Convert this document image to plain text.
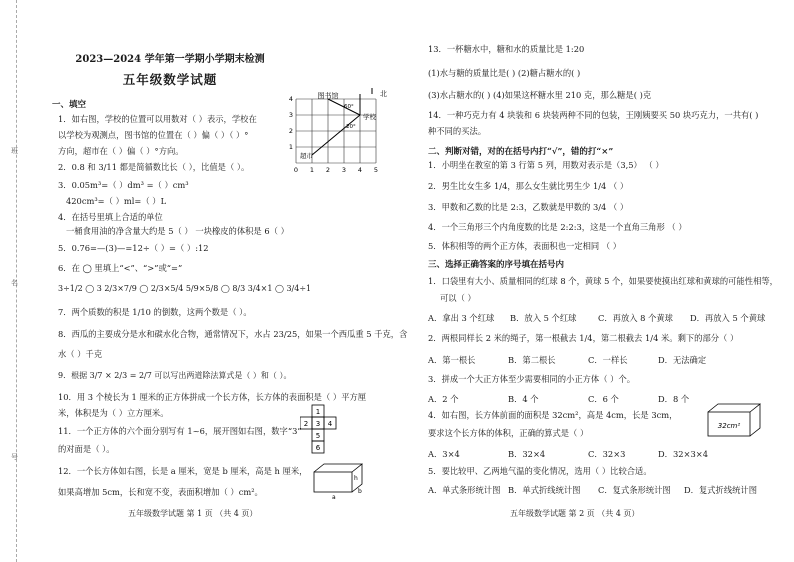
班
名
号
2023—2024 学年第一学期小学期末检测
五年级数学试题
一、填空
1．如右图，学校的位置可以用数对（ ）表示，学校在
以学校为观测点，图书馆的位置在（ ）偏（ ）（ ）°
方向，超市在（ ）偏（ ）°方向。
2．0.8 和 3/11 都是简循数比长（ ），比值是（ ）。
3．0.05m³=（ ）dm³ =（ ）cm³
420cm³=（ ）ml=（ ）L
4．在括号里填上合适的单位
一桶食用油的净含量大约是 5（ ） 一块橡皮的体积是 6（ ）
5．0.76=—(3)—=12÷（ ）=（ ）:12
6．在 ◯ 里填上“<”、“>”或“=”
3÷1/2 ◯ 3 2/3×7/9 ◯ 2/3×5/4 5/9×5/8 ◯ 8/3 3/4×1 ◯ 3/4÷1
7．两个质数的积是 1/10 的倒数，这两个数是（ ）。
8．西瓜的主要成分是水和碳水化合物，通常情况下，水占 23/25，如果一个西瓜重 5 千克，含
水（ ）千克
9．根据 3/7 × 2/3 = 2/7 可以写出两道除法算式是（ ）和（ ）。
10．用 3 个棱长为 1 厘米的正方体拼成一个长方体，长方体的表面积是（ ）平方厘
米，体积是为（ ）立方厘米。
11．一个正方体的六个面分别写有 1~6，展开图如右图，数字“3”
的对面是（ ）。
12．一个长方体如右图，长是 a 厘米，宽是 b 厘米，高是 h 厘米，
如果高增加 5cm，长和宽不变，表面积增加（ ）cm²。
五年级数学试题 第 1 页 （共 4 页）
图书馆	北
学校
超市
60°
20°
0 1 2 3 4 5
1
2
3
4
1
2 3 4
5
6
h
a
b
13．一杯糖水中，糖和水的质量比是 1:20
(1)水与糖的质量比是( ) (2)糖占糖水的( )
(3)水占糖水的( ) (4)如果这杯糖水里 210 克，那么糖是( )克
14．一种巧克力有 4 块装和 6 块装两种不同的包装，王刚姨要买 50 块巧克力，一共有( )
种不同的买法。
二、判断对错，对的在括号内打“√”，错的打“×”
1．小明坐在教室的第 3 行第 5 列，用数对表示是（3,5） （ ）
2．男生比女生多 1/4，那么女生就比男生少 1/4 （ ）
3．甲数和乙数的比是 2:3，乙数就是甲数的 3/4 （ ）
4．一个三角形三个内角度数的比是 2:2:3，这是一个直角三角形 （ ）
5．体积相等的两个正方体，表面积也一定相同 （ ）
三、选择正确答案的序号填在括号内
1．口袋里有大小、质量相同的红球 8 个，黄球 5 个，如果要使摸出红球和黄球的可能性相等，
可以（ ）
A．拿出 3 个红球 B．放入 5 个红球	C．再放入 8 个黄球 D．再放入 5 个黄球
2．两根同样长 2 米的绳子，第一根截去 1/4，第二根截去 1/4 米。剩下的部分（ ）
A．第一根长	B．第二根长	C．一样长	D．无法确定
3．拼成一个大正方体至少需要相同的小正方体（ ）个。
A．2 个	B．4 个	C．6 个	D．8 个
4．如右图，长方体前面的面积是 32cm²，高是 4cm，长是 3cm，
要求这个长方体的体积，正确的算式是（ ）
A．3×4	B．32×4	C．32×3	D．32×3×4
32cm²
5．要比较甲、乙两地气温的变化情况，选用（ ）比较合适。
A．单式条形统计图 B．单式折线统计图 C．复式条形统计图 D．复式折线统计图
五年级数学试题 第 2 页 （共 4 页）
